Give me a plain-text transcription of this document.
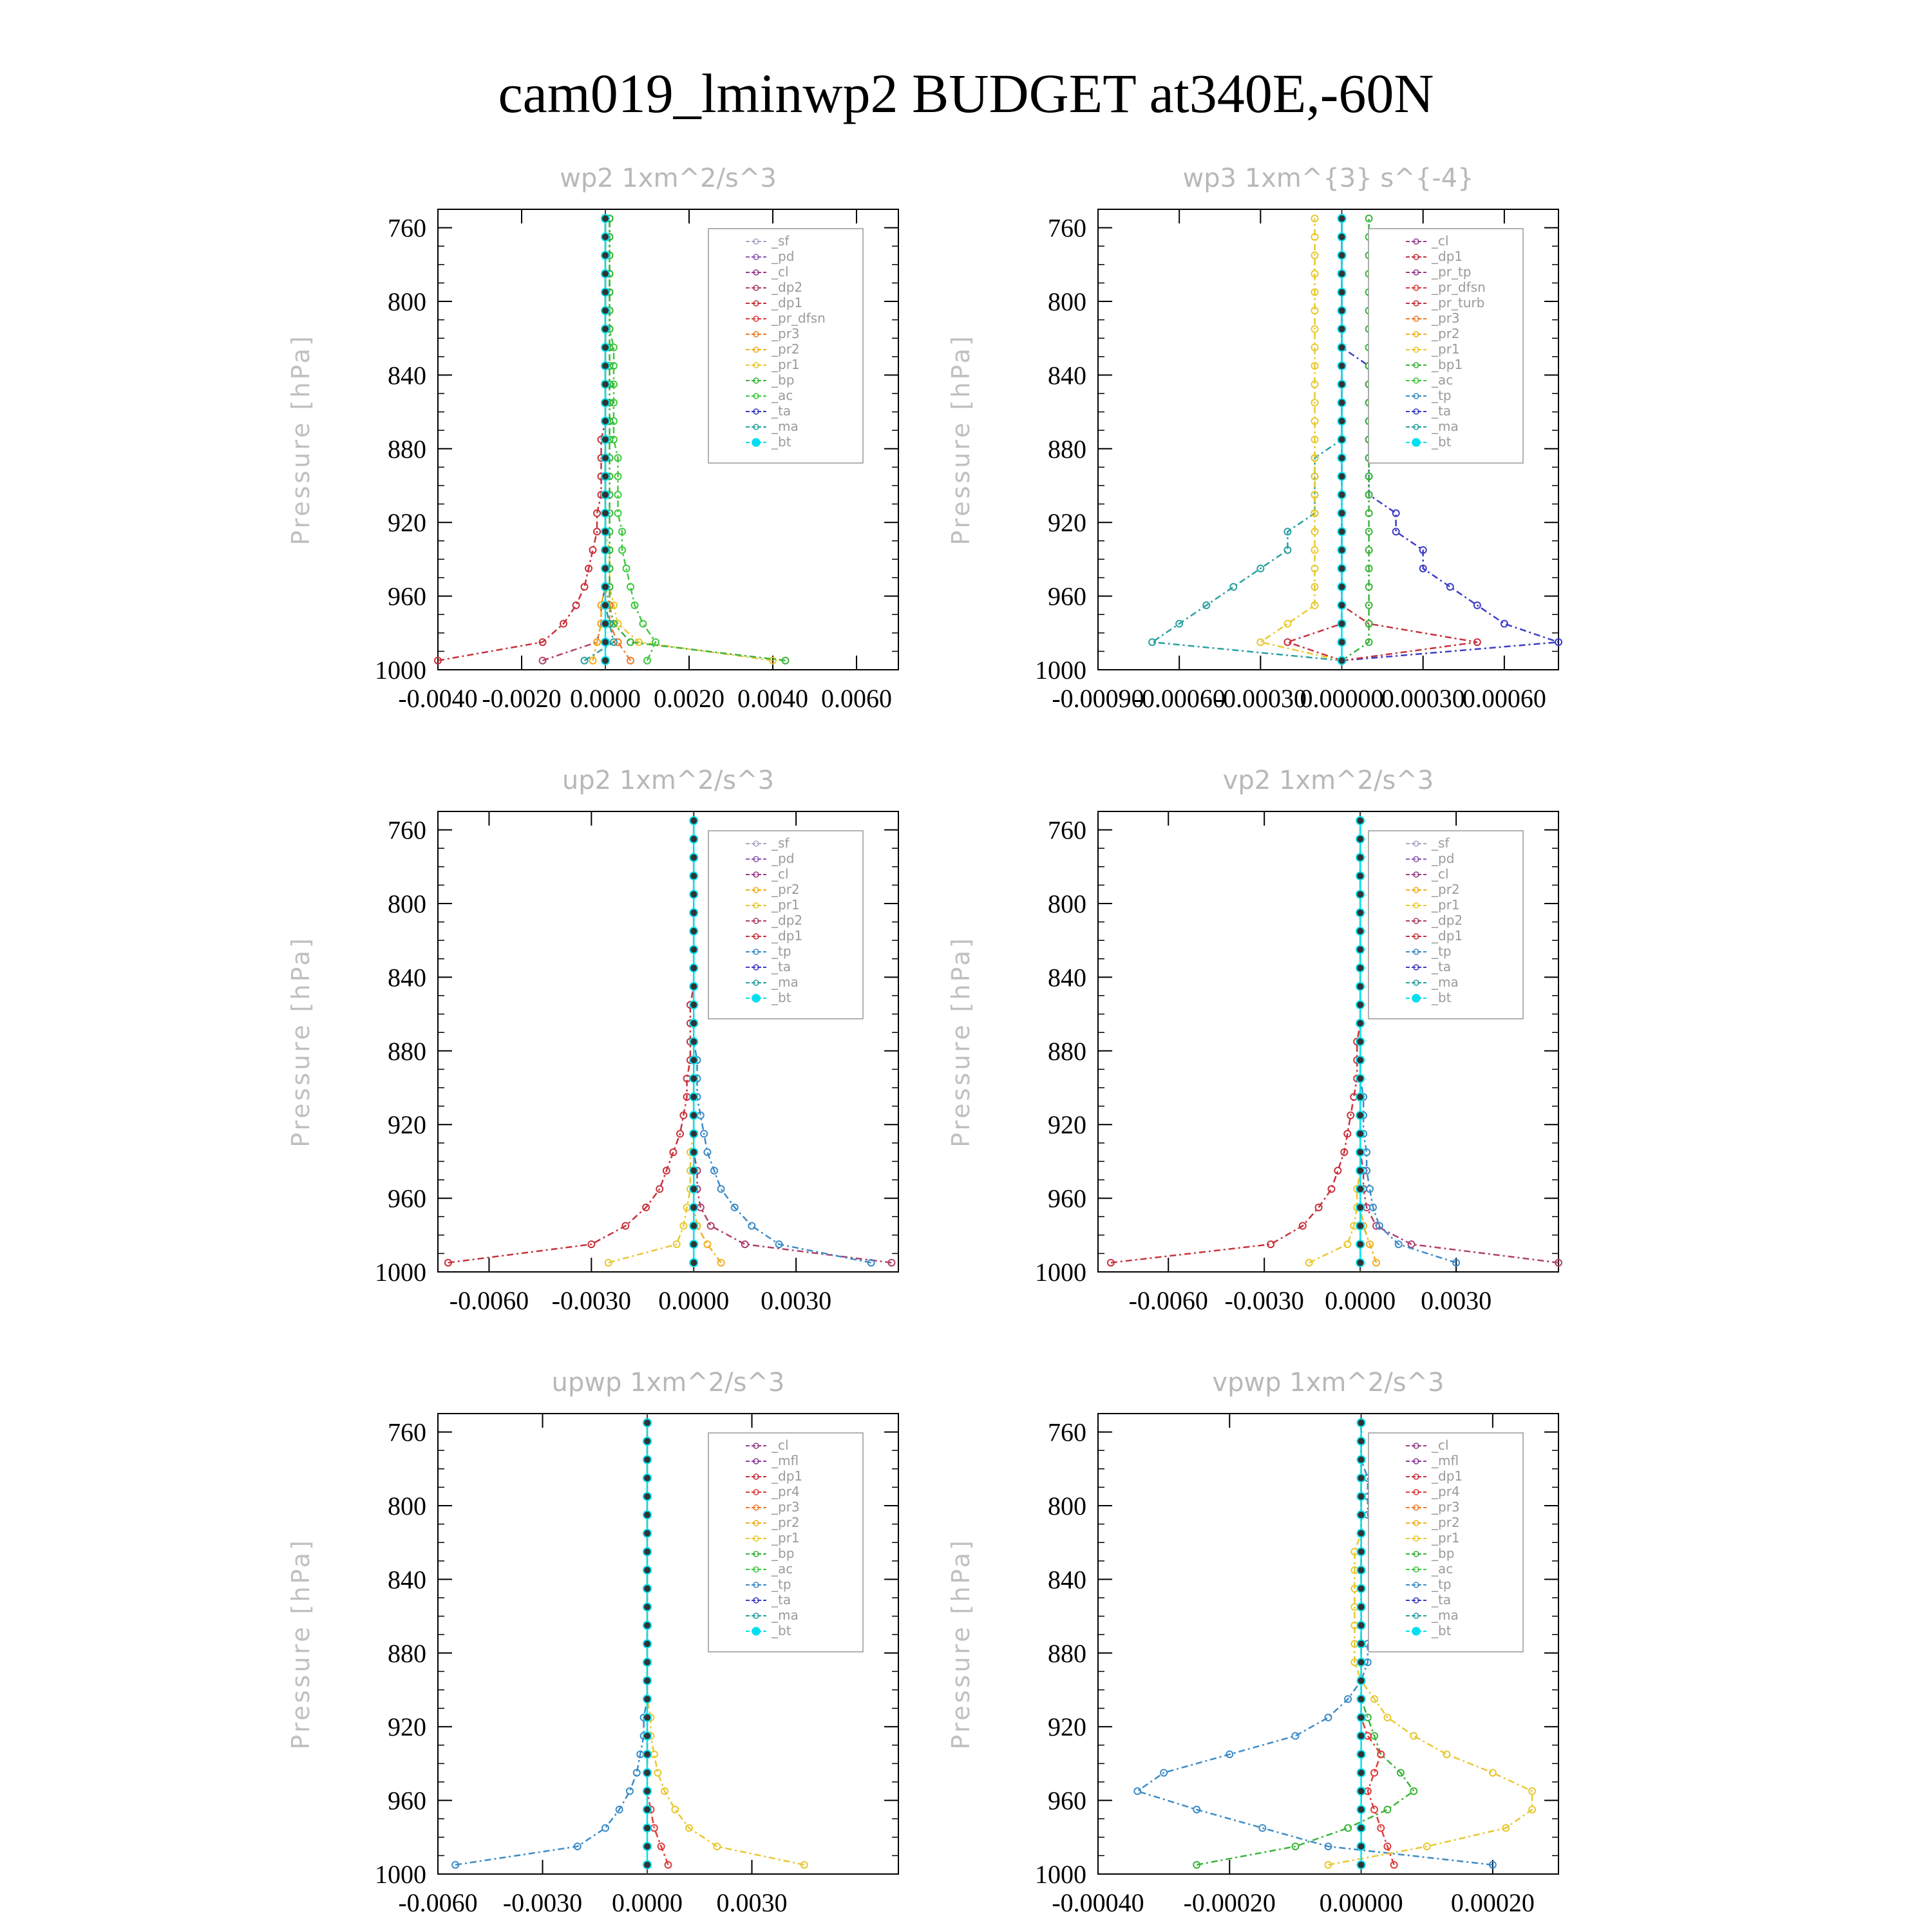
cam019_lminwp2 BUDGET at340E,-60N
wp2 1xm^2/s^3
Pressure [hPa]
760
800
840
880
920
960
1000
-0.0040 -0.0020 0.0000 0.0020 0.0040 0.0060
_sf
_pd
_cl
_dp2
_dp1
_pr_dfsn
_pr3
_pr2
_pr1
_bp
_ac
_ta
_ma
_bt
wp3 1xm^{3} s^{-4}
Pressure [hPa]
760
800
840
880
920
960
1000
-0.00090
-0.00060
-0.00030
0.00000
0.00030
0.00060
_cl
_dp1
_pr_tp
_pr_dfsn
_pr_turb
_pr3
_pr2
_pr1
_bp1
_ac
_tp
_ta
_ma
_bt
up2 1xm^2/s^3
Pressure [hPa]
760
800
840
880
920
960
1000
-0.0060 -0.0030 0.0000 0.0030
_sf
_pd
_cl
_pr2
_pr1
_dp2
_dp1
_tp
_ta
_ma
_bt
vp2 1xm^2/s^3
Pressure [hPa]
760
800
840
880
920
960
1000
-0.0060 -0.0030 0.0000 0.0030
_sf
_pd
_cl
_pr2
_pr1
_dp2
_dp1
_tp
_ta
_ma
_bt
upwp 1xm^2/s^3
Pressure [hPa]
760
800
840
880
920
960
1000
-0.0060 -0.0030 0.0000 0.0030
_cl
_mfl
_dp1
_pr4
_pr3
_pr2
_pr1
_bp
_ac
_tp
_ta
_ma
_bt
vpwp 1xm^2/s^3
Pressure [hPa]
760
800
840
880
920
960
1000
-0.00040 -0.00020 0.00000 0.00020
_cl
_mfl
_dp1
_pr4
_pr3
_pr2
_pr1
_bp
_ac
_tp
_ta
_ma
_bt
